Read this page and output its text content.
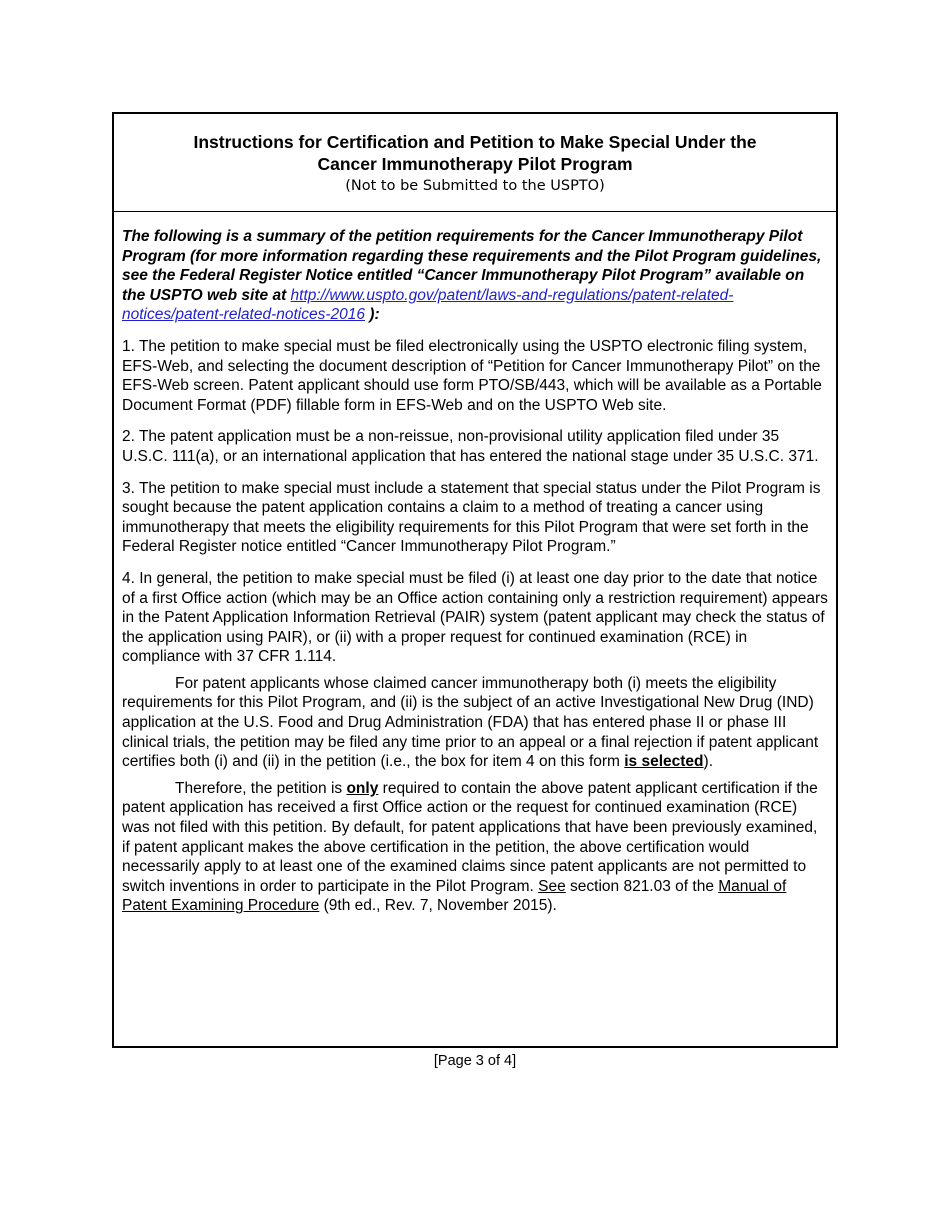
Instructions for Certification and Petition to Make Special Under the

Cancer Immunotherapy Pilot Program

(Not to be Submitted to the USPTO)

The following is a summary of the petition requirements for the Cancer Immunotherapy Pilot Program (for more information regarding these requirements and the Pilot Program guidelines, see the Federal Register Notice entitled “Cancer Immunotherapy Pilot Program” available on the USPTO web site at http://www.uspto.gov/patent/laws-and-regulations/patent-related-notices/patent-related-notices-2016 ):

1. The petition to make special must be filed electronically using the USPTO electronic filing system, EFS-Web, and selecting the document description of “Petition for Cancer Immunotherapy Pilot” on the EFS-Web screen. Patent applicant should use form PTO/SB/443, which will be available as a Portable Document Format (PDF) fillable form in EFS-Web and on the USPTO Web site.

2. The patent application must be a non-reissue, non-provisional utility application filed under 35 U.S.C. 111(a), or an international application that has entered the national stage under 35 U.S.C. 371.

3. The petition to make special must include a statement that special status under the Pilot Program is sought because the patent application contains a claim to a method of treating a cancer using immunotherapy that meets the eligibility requirements for this Pilot Program that were set forth in the Federal Register notice entitled “Cancer Immunotherapy Pilot Program.”

4. In general, the petition to make special must be filed (i) at least one day prior to the date that notice of a first Office action (which may be an Office action containing only a restriction requirement) appears in the Patent Application Information Retrieval (PAIR) system (patent applicant may check the status of the application using PAIR), or (ii) with a proper request for continued examination (RCE) in compliance with 37 CFR 1.114.

For patent applicants whose claimed cancer immunotherapy both (i) meets the eligibility requirements for this Pilot Program, and (ii) is the subject of an active Investigational New Drug (IND) application at the U.S. Food and Drug Administration (FDA) that has entered phase II or phase III clinical trials, the petition may be filed any time prior to an appeal or a final rejection if patent applicant certifies both (i) and (ii) in the petition (i.e., the box for item 4 on this form is selected).

Therefore, the petition is only required to contain the above patent applicant certification if the patent application has received a first Office action or the request for continued examination (RCE) was not filed with this petition. By default, for patent applications that have been previously examined, if patent applicant makes the above certification in the petition, the above certification would necessarily apply to at least one of the examined claims since patent applicants are not permitted to switch inventions in order to participate in the Pilot Program. See section 821.03 of the Manual of Patent Examining Procedure (9th ed., Rev. 7, November 2015).

[Page 3 of 4]
